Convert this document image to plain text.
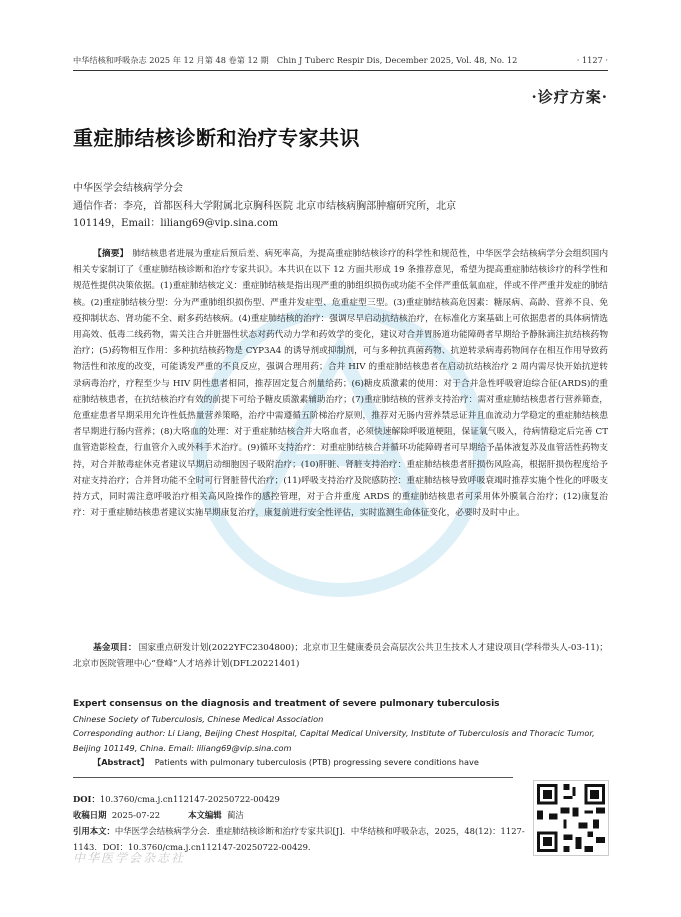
中华结核和呼吸杂志 2025 年 12 月第 48 卷第 12 期　Chin J Tuberc Respir Dis, December 2025, Vol. 48, No. 12	· 1127 ·
·诊疗方案·
重症肺结核诊断和治疗专家共识
中华医学会结核病学分会
通信作者：李亮，首都医科大学附属北京胸科医院 北京市结核病胸部肿瘤研究所，北京
101149，Email：liliang69@vip.sina.com
【摘要】 肺结核患者进展为重症后预后差、病死率高，为提高重症肺结核诊疗的科学性和规范性，中华医学会结核病学分会组织国内相关专家制订了《重症肺结核诊断和治疗专家共识》。本共识在以下 12 方面共形成 19 条推荐意见，希望为提高重症肺结核诊疗的科学性和规范性提供决策依据。(1)重症肺结核定义：重症肺结核是指出现严重的肺组织损伤或功能不全伴严重低氧血症，伴或不伴严重并发症的肺结核。(2)重症肺结核分型：分为严重肺组织损伤型、严重并发症型、危重症型三型。(3)重症肺结核高危因素：糖尿病、高龄、营养不良、免疫抑制状态、肾功能不全、耐多药结核病。(4)重症肺结核的治疗：强调尽早启动抗结核治疗，在标准化方案基础上可依据患者的具体病情选用高效、低毒二线药物，需关注合并脏器性状态对药代动力学和药效学的变化，建议对合并胃肠道功能障碍者早期给予静脉滴注抗结核药物治疗；(5)药物相互作用：多种抗结核药物是 CYP3A4 的诱导剂或抑制剂，可与多种抗真菌药物、抗逆转录病毒药物间存在相互作用导致药物活性和浓度的改变，可能诱发严重的不良反应，强调合理用药；合并 HIV 的重症肺结核患者在启动抗结核治疗 2 周内需尽快开始抗逆转录病毒治疗，疗程至少与 HIV 阴性患者相同，推荐固定复合剂量给药；(6)糖皮质激素的使用：对于合并急性呼吸窘迫综合征(ARDS)的重症肺结核患者，在抗结核治疗有效的前提下可给予糖皮质激素辅助治疗；(7)重症肺结核的营养支持治疗：需对重症肺结核患者行营养筛查，危重症患者早期采用允许性低热量营养策略，治疗中需遵循五阶梯治疗原则，推荐对无肠内营养禁忌证并且血流动力学稳定的重症肺结核患者早期进行肠内营养；(8)大咯血的处理：对于重症肺结核合并大咯血者，必须快速解除呼吸道梗阻，保证氧气吸入，待病情稳定后完善 CT 血管造影检查，行血管介入或外科手术治疗。(9)循环支持治疗：对重症肺结核合并循环功能障碍者可早期给予晶体液复苏及血管活性药物支持，对合并脓毒症休克者建议早期启动细胞因子吸附治疗；(10)肝脏、肾脏支持治疗：重症肺结核患者肝损伤风险高，根据肝损伤程度给予对症支持治疗；合并肾功能不全时可行肾脏替代治疗；(11)呼吸支持治疗及院感防控：重症肺结核导致呼吸衰竭时推荐实施个性化的呼吸支持方式，同时需注意呼吸治疗相关高风险操作的感控管理，对于合并重度 ARDS 的重症肺结核患者可采用体外膜氧合治疗；(12)康复治疗：对于重症肺结核患者建议实施早期康复治疗，康复前进行安全性评估，实时监测生命体征变化，必要时及时中止。
基金项目： 国家重点研发计划(2022YFC2304800)；北京市卫生健康委员会高层次公共卫生技术人才建设项目(学科带头人-03-11)；北京市医院管理中心“登峰”人才培养计划(DFL20221401)
Expert consensus on the diagnosis and treatment of severe pulmonary tuberculosis
Chinese Society of Tuberculosis, Chinese Medical Association
Corresponding author: Li Liang, Beijing Chest Hospital, Capital Medical University, Institute of Tuberculosis and Thoracic Tumor, Beijing 101149, China. Email: liliang69@vip.sina.com
【Abstract】 Patients with pulmonary tuberculosis (PTB) progressing severe conditions have
DOI：10.3760/cma.j.cn112147-20250722-00429
收稿日期 2025-07-22	本文编辑 蔺洁
引用本文：中华医学会结核病学分会．重症肺结核诊断和治疗专家共识[J]．中华结核和呼吸杂志，2025，48(12)：1127-1143．DOI：10.3760/cma.j.cn112147-20250722-00429.
中华医学会杂志社
